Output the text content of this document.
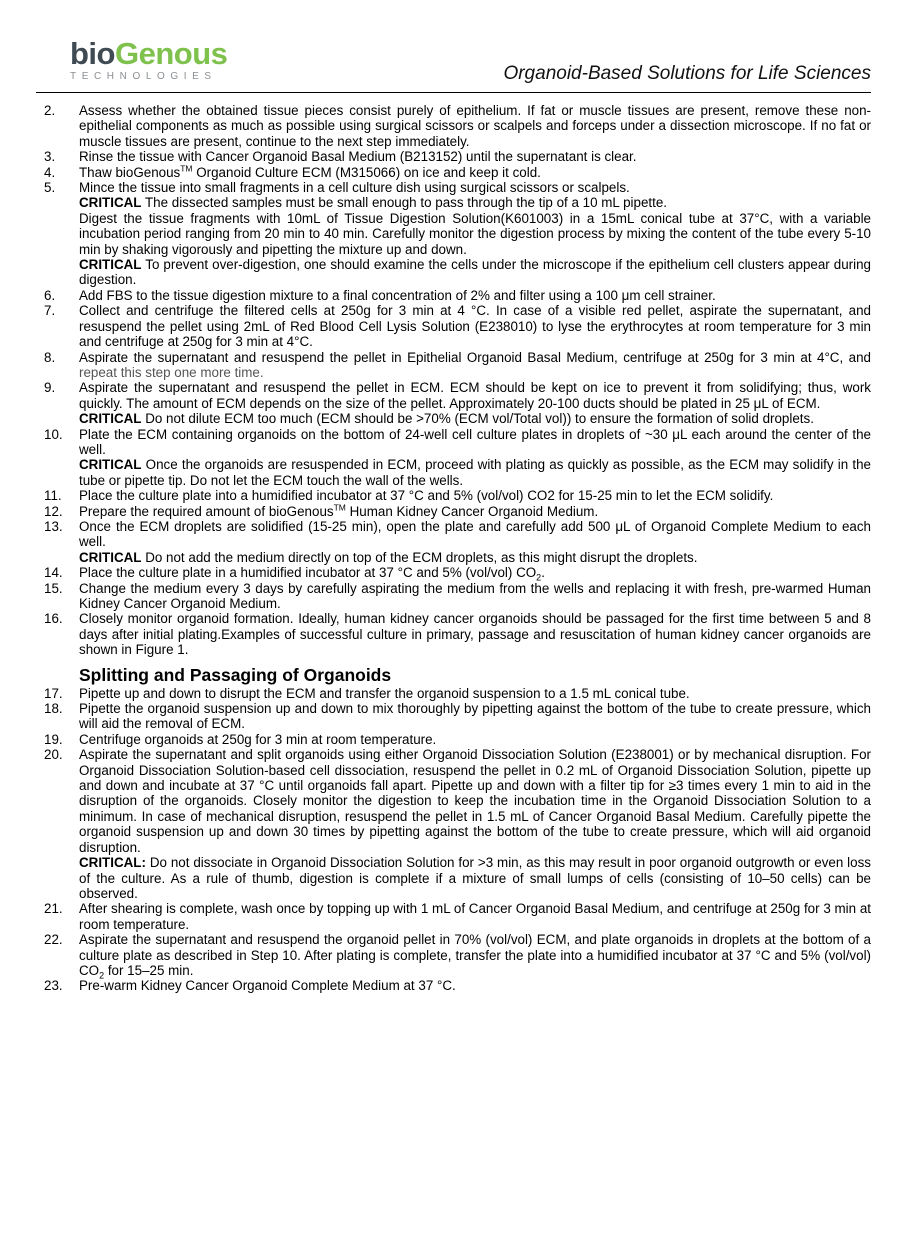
bioGenous
TECHNOLOGIES	Organoid-Based Solutions for Life Sciences
2. Assess whether the obtained tissue pieces consist purely of epithelium. If fat or muscle tissues are present, remove these non-epithelial components as much as possible using surgical scissors or scalpels and forceps under a dissection microscope. If no fat or muscle tissues are present, continue to the next step immediately.
3. Rinse the tissue with Cancer Organoid Basal Medium (B213152) until the supernatant is clear.
4. Thaw bioGenous™ Organoid Culture ECM (M315066) on ice and keep it cold.
5. Mince the tissue into small fragments in a cell culture dish using surgical scissors or scalpels.
CRITICAL The dissected samples must be small enough to pass through the tip of a 10 mL pipette.
Digest the tissue fragments with 10mL of Tissue Digestion Solution(K601003) in a 15mL conical tube at 37°C, with a variable incubation period ranging from 20 min to 40 min. Carefully monitor the digestion process by mixing the content of the tube every 5-10 min by shaking vigorously and pipetting the mixture up and down.
CRITICAL To prevent over-digestion, one should examine the cells under the microscope if the epithelium cell clusters appear during digestion.
6. Add FBS to the tissue digestion mixture to a final concentration of 2% and filter using a 100 μm cell strainer.
7. Collect and centrifuge the filtered cells at 250g for 3 min at 4 °C. In case of a visible red pellet, aspirate the supernatant, and resuspend the pellet using 2mL of Red Blood Cell Lysis Solution (E238010) to lyse the erythrocytes at room temperature for 3 min and centrifuge at 250g for 3 min at 4°C.
8. Aspirate the supernatant and resuspend the pellet in Epithelial Organoid Basal Medium, centrifuge at 250g for 3 min at 4°C, and repeat this step one more time.
9. Aspirate the supernatant and resuspend the pellet in ECM. ECM should be kept on ice to prevent it from solidifying; thus, work quickly. The amount of ECM depends on the size of the pellet. Approximately 20-100 ducts should be plated in 25 μL of ECM.
CRITICAL Do not dilute ECM too much (ECM should be >70% (ECM vol/Total vol)) to ensure the formation of solid droplets.
10. Plate the ECM containing organoids on the bottom of 24-well cell culture plates in droplets of ~30 μL each around the center of the well.
CRITICAL Once the organoids are resuspended in ECM, proceed with plating as quickly as possible, as the ECM may solidify in the tube or pipette tip. Do not let the ECM touch the wall of the wells.
11. Place the culture plate into a humidified incubator at 37 °C and 5% (vol/vol) CO2 for 15-25 min to let the ECM solidify.
12. Prepare the required amount of bioGenous™ Human Kidney Cancer Organoid Medium.
13. Once the ECM droplets are solidified (15-25 min), open the plate and carefully add 500 μL of Organoid Complete Medium to each well.
CRITICAL Do not add the medium directly on top of the ECM droplets, as this might disrupt the droplets.
14. Place the culture plate in a humidified incubator at 37 °C and 5% (vol/vol) $CO_2$.
15. Change the medium every 3 days by carefully aspirating the medium from the wells and replacing it with fresh, pre-warmed Human Kidney Cancer Organoid Medium.
16. Closely monitor organoid formation. Ideally, human kidney cancer organoids should be passaged for the first time between 5 and 8 days after initial plating.Examples of successful culture in primary, passage and resuscitation of human kidney cancer organoids are shown in Figure 1.
Splitting and Passaging of Organoids
17. Pipette up and down to disrupt the ECM and transfer the organoid suspension to a 1.5 mL conical tube.
18. Pipette the organoid suspension up and down to mix thoroughly by pipetting against the bottom of the tube to create pressure, which will aid the removal of ECM.
19. Centrifuge organoids at 250g for 3 min at room temperature.
20. Aspirate the supernatant and split organoids using either Organoid Dissociation Solution (E238001) or by mechanical disruption. For Organoid Dissociation Solution-based cell dissociation, resuspend the pellet in 0.2 mL of Organoid Dissociation Solution, pipette up and down and incubate at 37 °C until organoids fall apart. Pipette up and down with a filter tip for ≥3 times every 1 min to aid in the disruption of the organoids. Closely monitor the digestion to keep the incubation time in the Organoid Dissociation Solution to a minimum. In case of mechanical disruption, resuspend the pellet in 1.5 mL of Cancer Organoid Basal Medium. Carefully pipette the organoid suspension up and down 30 times by pipetting against the bottom of the tube to create pressure, which will aid organoid disruption.
CRITICAL: Do not dissociate in Organoid Dissociation Solution for >3 min, as this may result in poor organoid outgrowth or even loss of the culture. As a rule of thumb, digestion is complete if a mixture of small lumps of cells (consisting of 10–50 cells) can be observed.
21. After shearing is complete, wash once by topping up with 1 mL of Cancer Organoid Basal Medium, and centrifuge at 250g for 3 min at room temperature.
22. Aspirate the supernatant and resuspend the organoid pellet in 70% (vol/vol) ECM, and plate organoids in droplets at the bottom of a culture plate as described in Step 10. After plating is complete, transfer the plate into a humidified incubator at 37 °C and 5% (vol/vol) $CO_2$ for 15–25 min.
23. Pre-warm Kidney Cancer Organoid Complete Medium at 37 °C.
